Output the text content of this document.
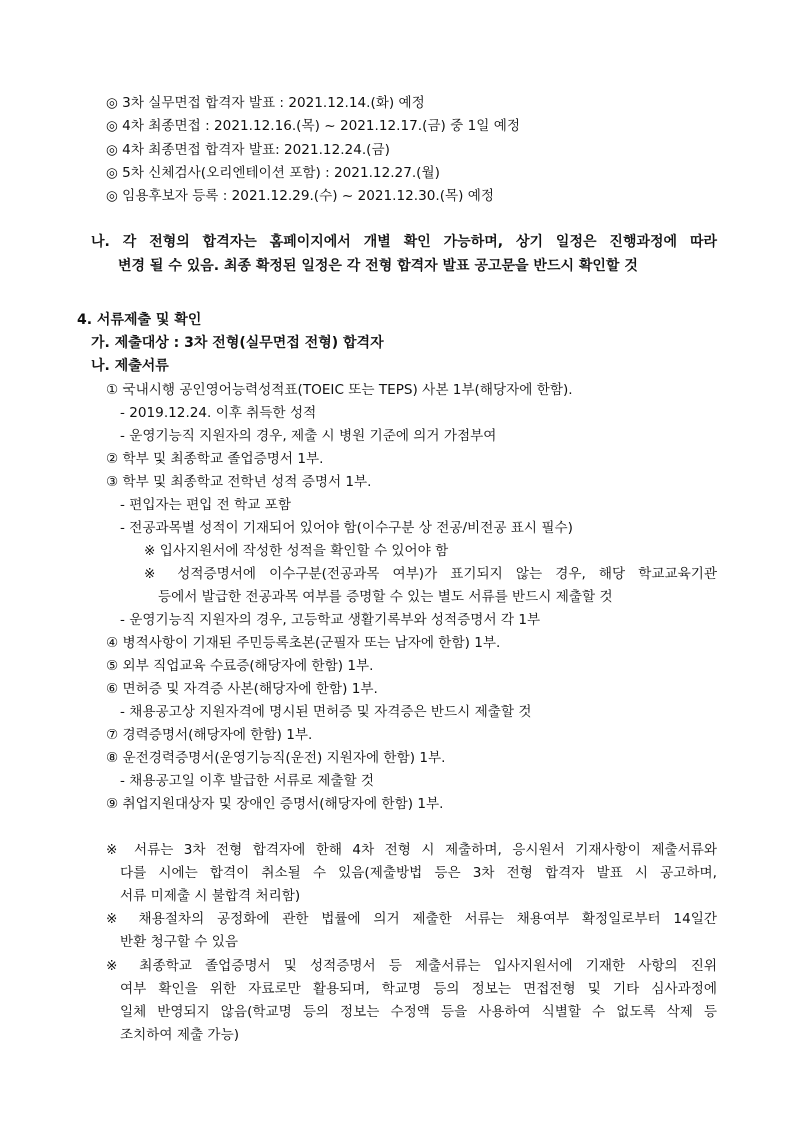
◎ 3차 실무면접 합격자 발표 : 2021.12.14.(화) 예정
◎ 4차 최종면접 : 2021.12.16.(목) ~ 2021.12.17.(금) 중 1일 예정
◎ 4차 최종면접 합격자 발표: 2021.12.24.(금)
◎ 5차 신체검사(오리엔테이션 포함) : 2021.12.27.(월)
◎ 임용후보자 등록 : 2021.12.29.(수) ~ 2021.12.30.(목) 예정
나. 각 전형의 합격자는 홈페이지에서 개별 확인 가능하며, 상기 일정은 진행과정에 따라
변경 될 수 있음. 최종 확정된 일정은 각 전형 합격자 발표 공고문을 반드시 확인할 것
4. 서류제출 및 확인
가. 제출대상 : 3차 전형(실무면접 전형) 합격자
나. 제출서류
① 국내시행 공인영어능력성적표(TOEIC 또는 TEPS) 사본 1부(해당자에 한함).
- 2019.12.24. 이후 취득한 성적
- 운영기능직 지원자의 경우, 제출 시 병원 기준에 의거 가점부여
② 학부 및 최종학교 졸업증명서 1부.
③ 학부 및 최종학교 전학년 성적 증명서 1부.
- 편입자는 편입 전 학교 포함
- 전공과목별 성적이 기재되어 있어야 함(이수구분 상 전공/비전공 표시 필수)
※ 입사지원서에 작성한 성적을 확인할 수 있어야 함
※ 성적증명서에 이수구분(전공과목 여부)가 표기되지 않는 경우, 해당 학교교육기관
등에서 발급한 전공과목 여부를 증명할 수 있는 별도 서류를 반드시 제출할 것
- 운영기능직 지원자의 경우, 고등학교 생활기록부와 성적증명서 각 1부
④ 병적사항이 기재된 주민등록초본(군필자 또는 남자에 한함) 1부.
⑤ 외부 직업교육 수료증(해당자에 한함) 1부.
⑥ 면허증 및 자격증 사본(해당자에 한함) 1부.
- 채용공고상 지원자격에 명시된 면허증 및 자격증은 반드시 제출할 것
⑦ 경력증명서(해당자에 한함) 1부.
⑧ 운전경력증명서(운영기능직(운전) 지원자에 한함) 1부.
- 채용공고일 이후 발급한 서류로 제출할 것
⑨ 취업지원대상자 및 장애인 증명서(해당자에 한함) 1부.
※ 서류는 3차 전형 합격자에 한해 4차 전형 시 제출하며, 응시원서 기재사항이 제출서류와
다를 시에는 합격이 취소될 수 있음(제출방법 등은 3차 전형 합격자 발표 시 공고하며,
서류 미제출 시 불합격 처리함)
※ 채용절차의 공정화에 관한 법률에 의거 제출한 서류는 채용여부 확정일로부터 14일간
반환 청구할 수 있음
※ 최종학교 졸업증명서 및 성적증명서 등 제출서류는 입사지원서에 기재한 사항의 진위
여부 확인을 위한 자료로만 활용되며, 학교명 등의 정보는 면접전형 및 기타 심사과정에
일체 반영되지 않음(학교명 등의 정보는 수정액 등을 사용하여 식별할 수 없도록 삭제 등
조치하여 제출 가능)
